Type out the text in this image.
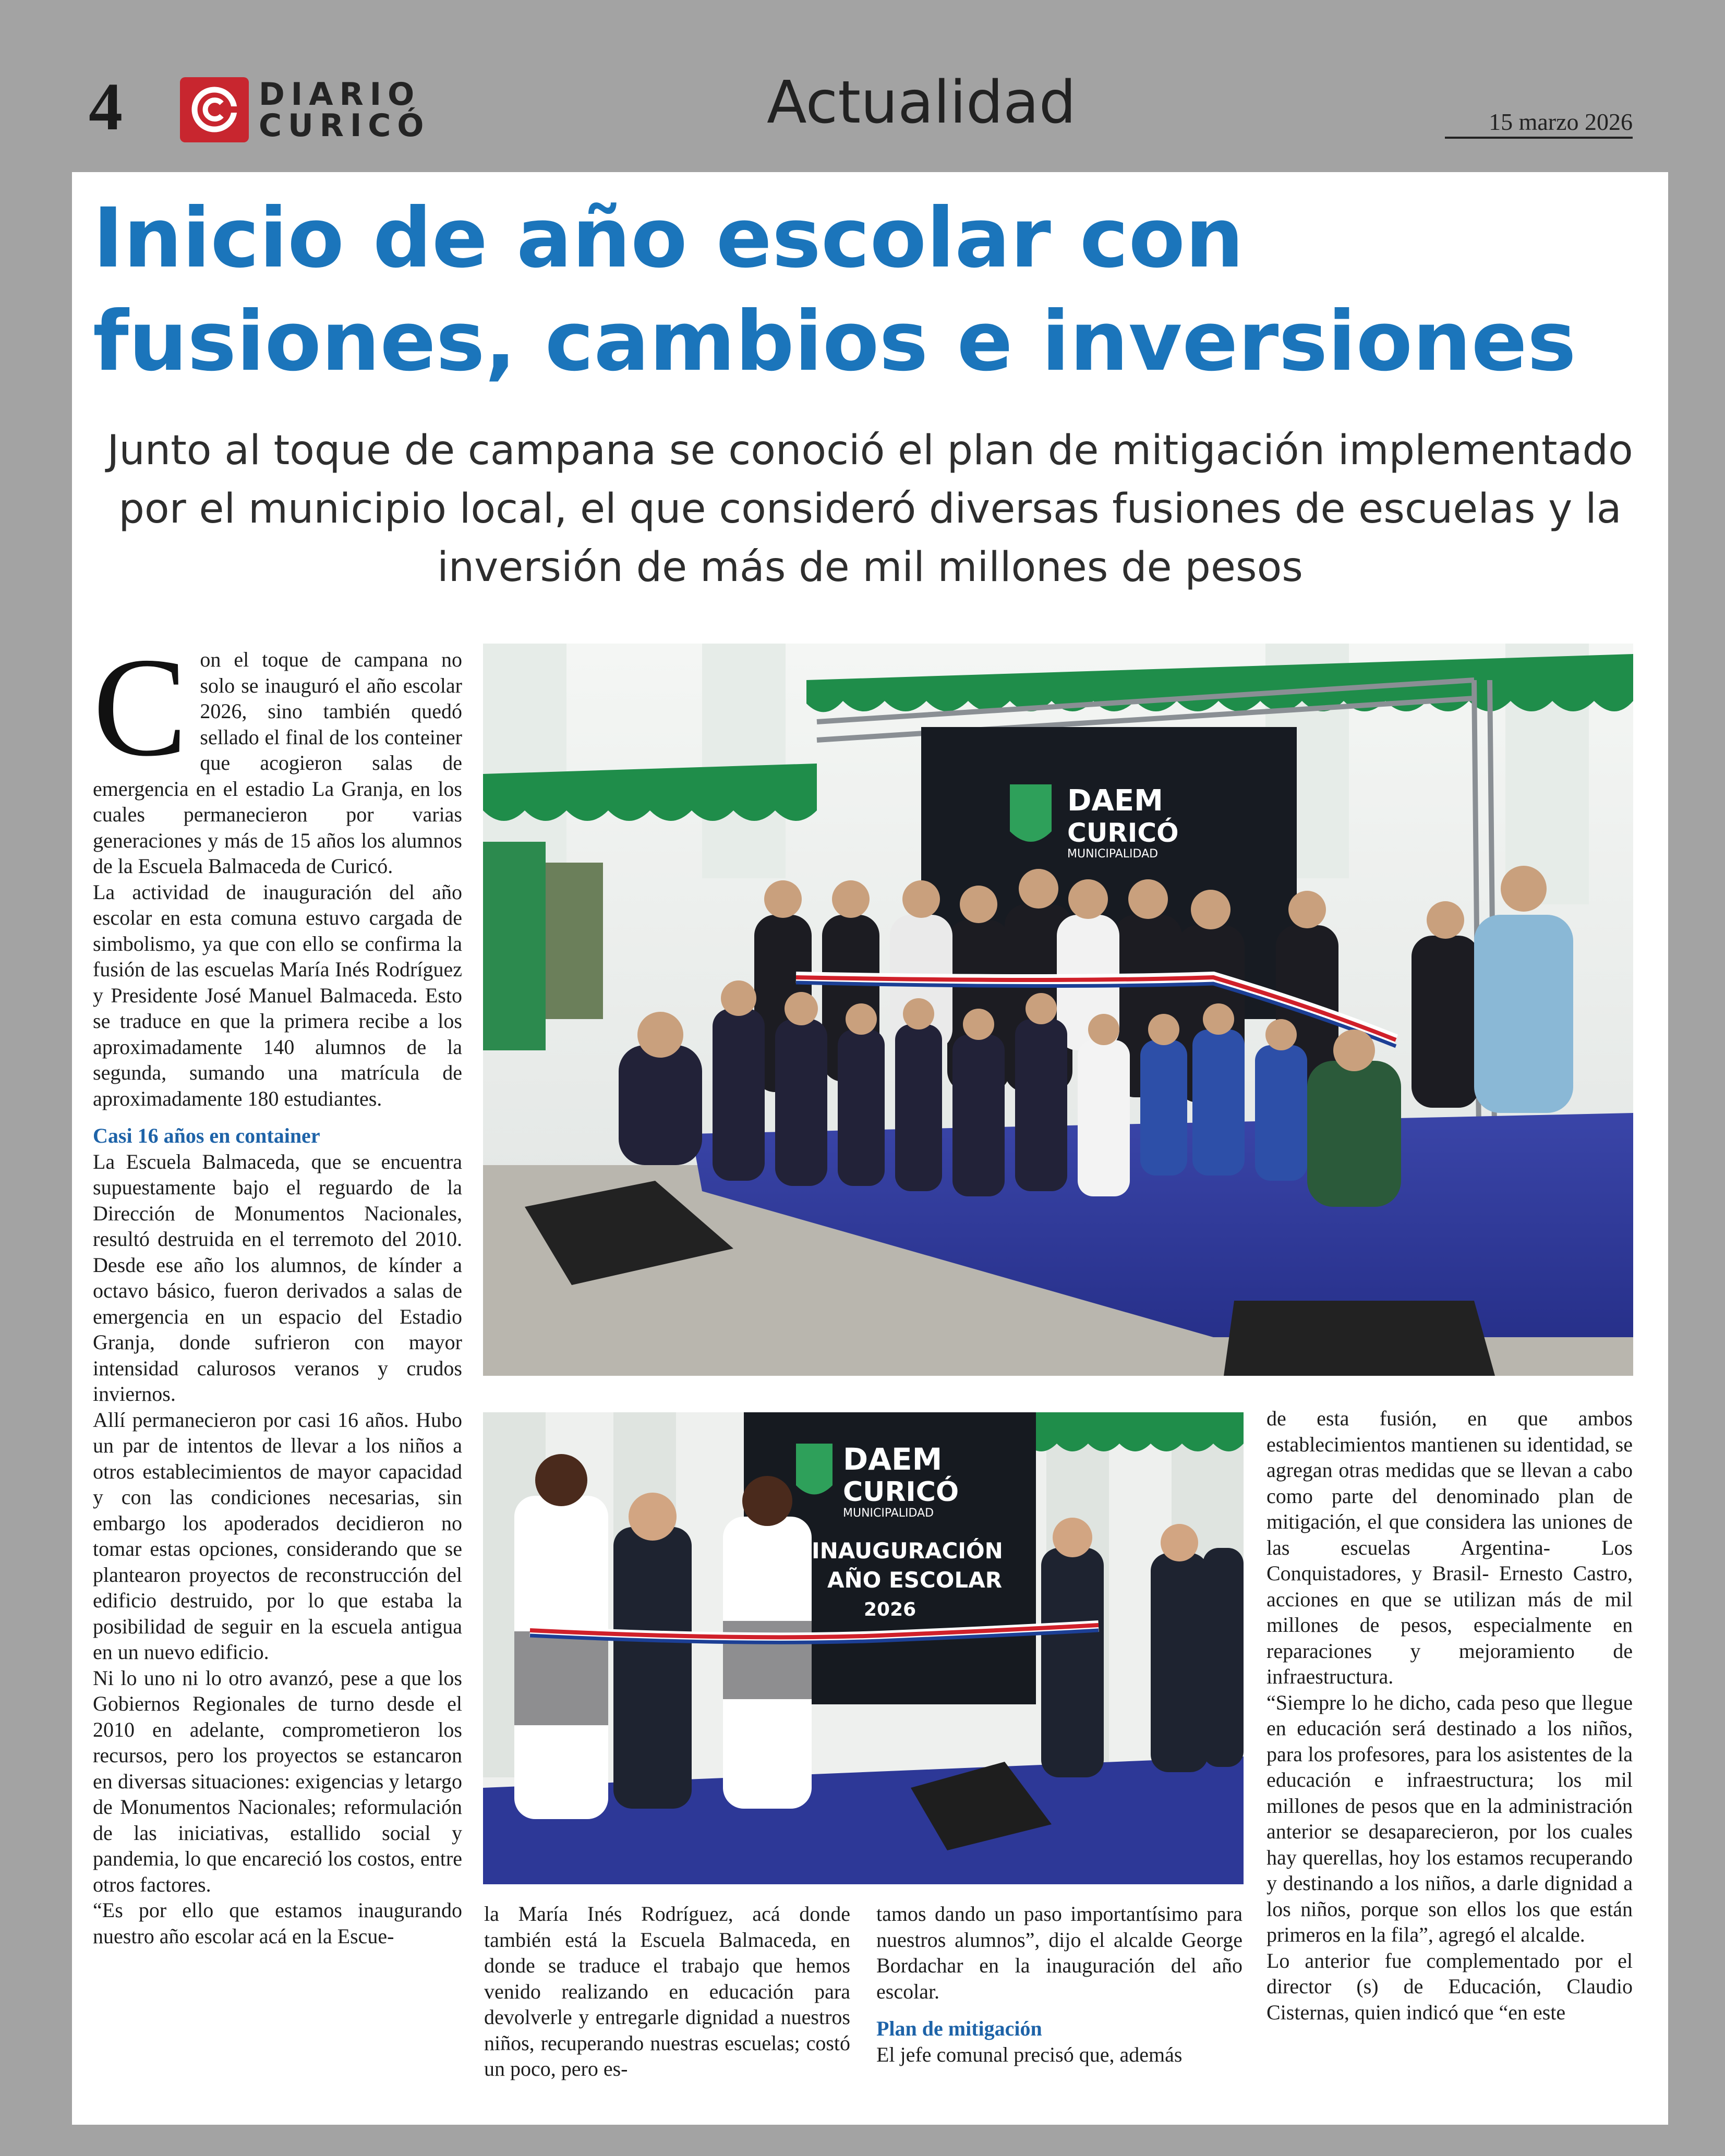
4	DIARIO
CURICÓ	Actualidad	15 marzo 2026
Inicio de año escolar con fusiones, cambios e inversiones

Junto al toque de campana se conoció el plan de mitigación implementado por el municipio local, el que consideró diversas fusiones de escuelas y la inversión de más de mil millones de pesos

C on el toque de campana no solo se inauguró el año escolar 2026, sino también quedó sellado el final de los conteiner que acogieron salas de emergencia en el estadio La Granja, en los cuales permanecieron por varias generaciones y más de 15 años los alumnos de la Escuela Balmaceda de Curicó.

La actividad de inauguración del año escolar en esta comuna estuvo cargada de simbolismo, ya que con ello se confirma la fusión de las escuelas María Inés Rodríguez y Presidente José Manuel Balmaceda. Esto se traduce en que la primera recibe a los aproximadamente 140 alumnos de la segunda, sumando una matrícula de aproximadamente 180 estudiantes.

Casi 16 años en container

La Escuela Balmaceda, que se encuentra supuestamente bajo el reguardo de la Dirección de Monumentos Nacionales, resultó destruida en el terremoto del 2010. Desde ese año los alumnos, de kínder a octavo básico, fueron derivados a salas de emergencia en un espacio del Estadio Granja, donde sufrieron con mayor intensidad calurosos veranos y crudos inviernos.

Allí permanecieron por casi 16 años. Hubo un par de intentos de llevar a los niños a otros establecimientos de mayor capacidad y con las condiciones necesarias, sin embargo los apoderados decidieron no tomar estas opciones, considerando que se plantearon proyectos de reconstrucción del edificio destruido, por lo que estaba la posibilidad de seguir en la escuela antigua en un nuevo edificio.

Ni lo uno ni lo otro avanzó, pese a que los Gobiernos Regionales de turno desde el 2010 en adelante, comprometieron los recursos, pero los proyectos se estancaron en diversas situaciones: exigencias y letargo de Monumentos Nacionales; reformulación de las iniciativas, estallido social y pandemia, lo que encareció los costos, entre otros factores.

“Es por ello que estamos inaugurando nuestro año escolar acá en la Escue-

DAEM
CURICÓ
MUNICIPALIDAD
DAEM
CURICÓ
MUNICIPALIDAD
INAUGURACIÓN
AÑO ESCOLAR
2026

la María Inés Rodríguez, acá donde también está la Escuela Balmaceda, en donde se traduce el trabajo que hemos venido realizando en educación para devolverle y entregarle dignidad a nuestros niños, recuperando nuestras escuelas; costó un poco, pero es-

tamos dando un paso importantísimo para nuestros alumnos”, dijo el alcalde George Bordachar en la inauguración del año escolar.

Plan de mitigación

El jefe comunal precisó que, además

de esta fusión, en que ambos establecimientos mantienen su identidad, se agregan otras medidas que se llevan a cabo como parte del denominado plan de mitigación, el que considera las uniones de las escuelas Argentina- Los Conquistadores, y Brasil- Ernesto Castro, acciones en que se utilizan más de mil millones de pesos, especialmente en reparaciones y mejoramiento de infraestructura.

“Siempre lo he dicho, cada peso que llegue en educación será destinado a los niños, para los profesores, para los asistentes de la educación e infraestructura; los mil millones de pesos que en la administración anterior se desaparecieron, por los cuales hay querellas, hoy los estamos recuperando y destinando a los niños, a darle dignidad a los niños, porque son ellos los que están primeros en la fila”, agregó el alcalde.

Lo anterior fue complementado por el director (s) de Educación, Claudio Cisternas, quien indicó que “en este
